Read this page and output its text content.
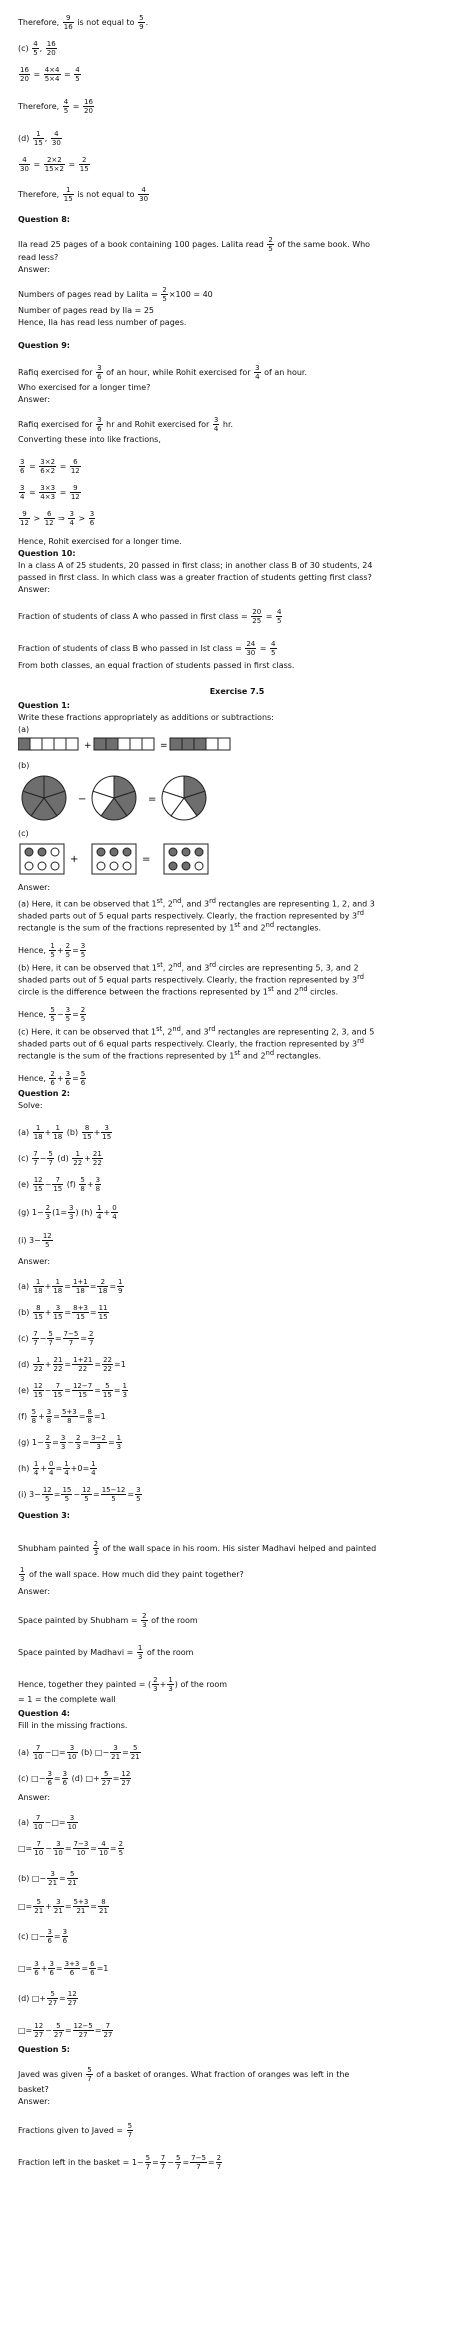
+	=
−	=
+	=
Therefore, $\frac{9}{16}$ is not equal to $\frac{5}{9}$ .
$(c) \frac{4}{5}$ , $\frac{16}{20}$
$\frac{16}{20} = \frac{4\times 4}{5\times 4} = \frac{4}{5}$
Therefore, $\frac{4}{5} = \frac{16}{20}$
$(d) \frac{1}{15}$ , $\frac{4}{30}$
$\frac{4}{30} = \frac{2\times 2}{15\times 2} = \frac{2}{15}$
Therefore, $\frac{1}{15}$ is not equal to $\frac{4}{30}$
Question 8:
Ila read 25 pages of a book containing 100 pages. Lalita read $\frac{2}{5}$ of the same book. Who
read less?
Answer:
Numbers of pages read by Lalita = $\frac{2}{5} \times 100 = 40$
Number of pages read by Ila = 25
Hence, Ila has read less number of pages.
Question 9:
Rafiq exercised for $\frac{3}{6}$ of an hour, while Rohit exercised for $\frac{3}{4}$ of an hour.
Who exercised for a longer time?
Answer:
Rafiq exercised for $\frac{3}{6}$ hr and Rohit exercised for $\frac{3}{4}$ hr.
Converting these into like fractions,
$\frac{3}{6} = \frac{3\times 2}{6\times 2} = \frac{6}{12}$
$\frac{3}{4} = \frac{3\times 3}{4\times 3} = \frac{9}{12}$
$\frac{9}{12} > \frac{6}{12}$ ⇒ $\frac{3}{4} > \frac{3}{6}$
Hence, Rohit exercised for a longer time.
Question 10:
In a class A of 25 students, 20 passed in first class; in another class B of 30 students, 24
passed in first class. In which class was a greater fraction of students getting first class?
Answer:
Fraction of students of class A who passed in first class = $\frac{20}{25} = \frac{4}{5}$
Fraction of students of class B who passed in Ist class = $\frac{24}{30} = \frac{4}{5}$
From both classes, an equal fraction of students passed in first class.
Exercise 7.5
Question 1:
Write these fractions appropriately as additions or subtractions:
(a)
(b)
(c)
Answer:
(a) Here, it can be observed that 1st, 2nd, and 3rd rectangles are representing 1, 2, and 3
shaded parts out of 5 equal parts respectively. Clearly, the fraction represented by 3rd
rectangle is the sum of the fractions represented by 1st and 2nd rectangles.
Hence, $\frac{1}{5} + \frac{2}{5} = \frac{3}{5}$
(b) Here, it can be observed that 1st, 2nd, and 3rd circles are representing 5, 3, and 2
shaded parts out of 5 equal parts respectively. Clearly, the fraction represented by 3rd
circle is the difference between the fractions represented by 1st and 2nd circles.
Hence, $\frac{5}{5} - \frac{3}{5} = \frac{2}{5}$
(c) Here, it can be observed that 1st, 2nd, and 3rd rectangles are representing 2, 3, and 5
shaded parts out of 6 equal parts respectively. Clearly, the fraction represented by 3rd
rectangle is the sum of the fractions represented by 1st and 2nd rectangles.
Hence, $\frac{2}{6} + \frac{3}{6} = \frac{5}{6}$
Question 2:
Solve:
$(a) \frac{1}{18} + \frac{1}{18} (b) \frac{8}{15} + \frac{3}{15}$
$(c) \frac{7}{7} - \frac{5}{7} (d) \frac{1}{22} + \frac{21}{22}$
$(e) \frac{12}{15} - \frac{7}{15} (f) \frac{5}{8} + \frac{3}{8}$
(g) $1- \frac{2}{3} (1= \frac{3}{3}$ ) $(h) \frac{1}{4} + \frac{0}{4}$
(i) $3- \frac{12}{5}$
Answer:
$(a) \frac{1}{18} + \frac{1}{18} = \frac{1+1}{18} = \frac{2}{18} = \frac{1}{9}$
$(b) \frac{8}{15} + \frac{3}{15} = \frac{8+3}{15} = \frac{11}{15}$
$(c) \frac{7}{7} - \frac{5}{7} = \frac{7-5}{7} = \frac{2}{7}$
$(d) \frac{1}{22} + \frac{21}{22} = \frac{1+21}{22} = \frac{22}{22} =1$
$(e) \frac{12}{15} - \frac{7}{15} = \frac{12-7}{15} = \frac{5}{15} = \frac{1}{3}$
$(f) \frac{5}{8} + \frac{3}{8} = \frac{5+3}{8} = \frac{8}{8} =1$
(g) $1- \frac{2}{3} = \frac{3}{3} - \frac{2}{3} = \frac{3-2}{3} = \frac{1}{3}$
$(h) \frac{1}{4} + \frac{0}{4} = \frac{1}{4} +0= \frac{1}{4}$
(i) $3- \frac{12}{5} = \frac{15}{5} - \frac{12}{5} = \frac{15-12}{5} = \frac{3}{5}$
Question 3:
Shubham painted $\frac{2}{3}$ of the wall space in his room. His sister Madhavi helped and painted
$\frac{1}{3}$ of the wall space. How much did they paint together?
Answer:
Space painted by Shubham = $\frac{2}{3}$ of the room
Space painted by Madhavi = $\frac{1}{3}$ of the room
Hence, together they painted = ( $\frac{2}{3} + \frac{1}{3}$ ) of the room
= 1 = the complete wall
Question 4:
Fill in the missing fractions.
$(a) \frac{7}{10}$ −□= $\frac{3}{10} (b)$ □− $\frac{3}{21} = \frac{5}{21}$
(c) □− $\frac{3}{6} = \frac{3}{6} (d)$ □+ $\frac{5}{27} = \frac{12}{27}$
Answer:
$(a) \frac{7}{10}$ −□= $\frac{3}{10}$
□= $\frac{7}{10} - \frac{3}{10} = \frac{7-3}{10} = \frac{4}{10} = \frac{2}{5}$
(b) □− $\frac{3}{21} = \frac{5}{21}$
□= $\frac{5}{21} + \frac{3}{21} = \frac{5+3}{21} = \frac{8}{21}$
(c) □− $\frac{3}{6} = \frac{3}{6}$
□= $\frac{3}{6} + \frac{3}{6} = \frac{3+3}{6} = \frac{6}{6} =1$
(d) □+ $\frac{5}{27} = \frac{12}{27}$
□= $\frac{12}{27} - \frac{5}{27} = \frac{12-5}{27} = \frac{7}{27}$
Question 5:
Javed was given $\frac{5}{7}$ of a basket of oranges. What fraction of oranges was left in the
basket?
Answer:
Fractions given to Javed = $\frac{5}{7}$
Fraction left in the basket = $1- \frac{5}{7} = \frac{7}{7} - \frac{5}{7} = \frac{7-5}{7} = \frac{2}{7}$
